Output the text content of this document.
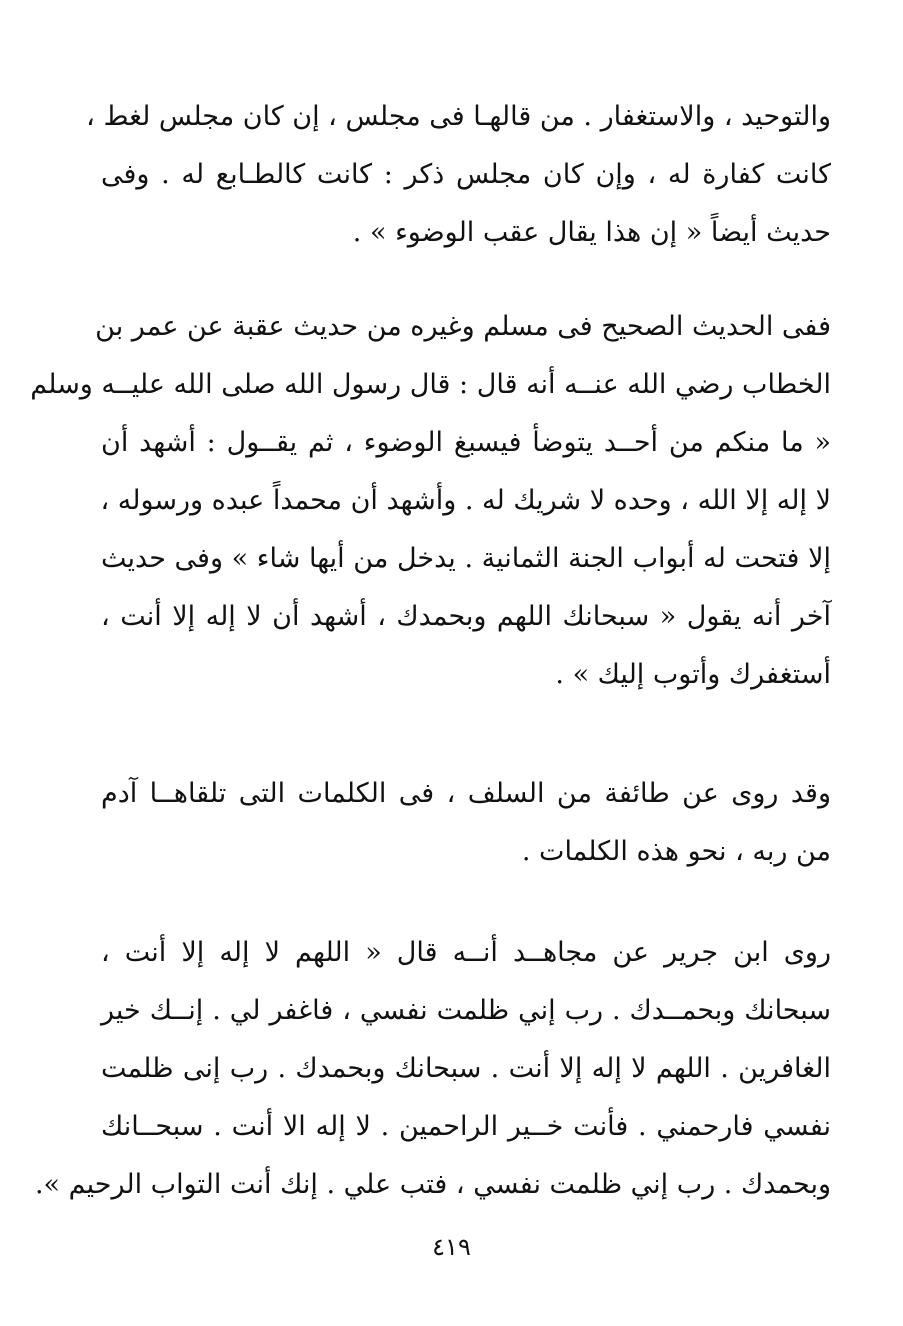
والتوحيد ، والاستغفار . من قالهـا فى مجلس ، إن كان مجلس لغط ،
كانت كفارة له ، وإن كان مجلس ذكر : كانت كالطـابع له . وفى
حديث أيضاً « إن هذا يقال عقب الوضوء » .
ففى الحديث الصحيح فى مسلم وغيره من حديث عقبة عن عمر بن
الخطاب رضي الله عنــه أنه قال : قال رسول الله صلى الله عليــه وسلم
« ما منكم من أحــد يتوضأ فيسبغ الوضوء ، ثم يقــول : أشهد أن
لا إله إلا الله ، وحده لا شريك له . وأشهد أن محمداً عبده ورسوله ،
إلا فتحت له أبواب الجنة الثمانية . يدخل من أيها شاء » وفى حديث
آخر أنه يقول « سبحانك اللهم وبحمدك ، أشهد أن لا إله إلا أنت ،
أستغفرك وأتوب إليك » .
وقد روى عن طائفة من السلف ، فى الكلمات التى تلقاهــا آدم
من ربه ، نحو هذه الكلمات .
روى ابن جرير عن مجاهــد أنــه قال « اللهم لا إله إلا أنت ،
سبحانك وبحمــدك . رب إني ظلمت نفسي ، فاغفر لي . إنــك خير
الغافرين . اللهم لا إله إلا أنت . سبحانك وبحمدك . رب إنى ظلمت
نفسي فارحمني . فأنت خــير الراحمين . لا إله الا أنت . سبحــانك
وبحمدك . رب إني ظلمت نفسي ، فتب علي . إنك أنت التواب الرحيم ».
٤١٩
